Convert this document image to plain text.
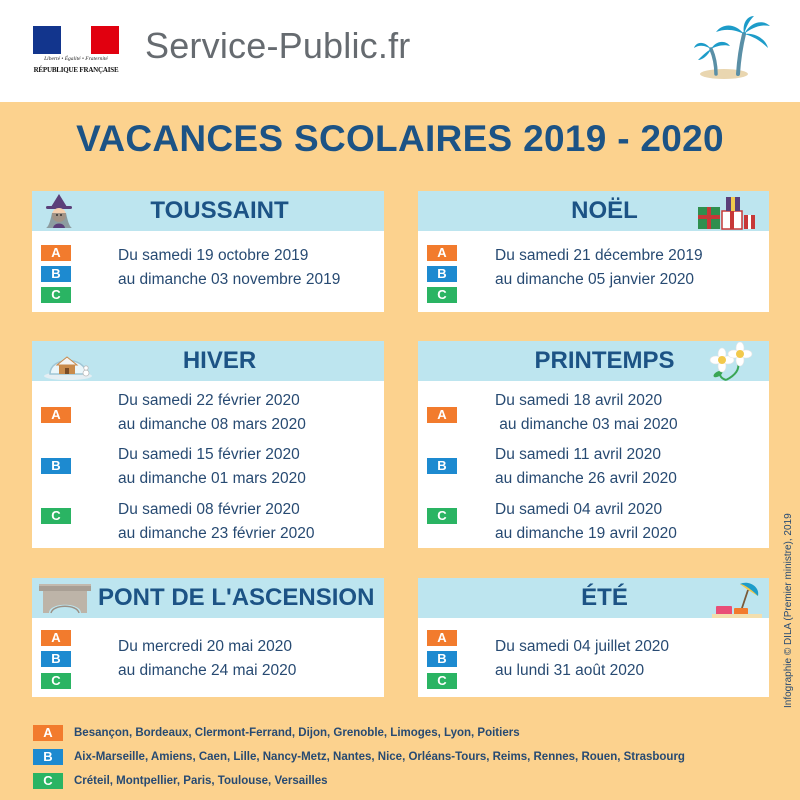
Liberté • Égalité • Fraternité
RÉPUBLIQUE FRANÇAISE
Service-Public.fr
VACANCES SCOLAIRES 2019 - 2020
TOUSSAINT
A
B
C
Du samedi 19 octobre 2019
au dimanche 03 novembre 2019
NOËL
A
B
C
Du samedi 21 décembre 2019
au dimanche 05 janvier 2020
HIVER
A
Du samedi 22 février 2020
au dimanche 08 mars 2020
B
Du samedi 15 février 2020
au dimanche 01 mars 2020
C	Du samedi 08 février 2020
au dimanche 23 février 2020
PRINTEMPS
A
Du samedi 18 avril 2020
au dimanche 03 mai 2020
B
Du samedi 11 avril 2020
au dimanche 26 avril 2020
C	Du samedi 04 avril 2020
au dimanche 19 avril 2020
PONT DE L'ASCENSION
A
B
C
Du mercredi 20 mai 2020
au dimanche 24 mai 2020
ÉTÉ
A
B
C
Du samedi 04 juillet 2020
au lundi 31 août 2020
A	Besançon, Bordeaux, Clermont-Ferrand, Dijon, Grenoble, Limoges, Lyon, Poitiers
B	Aix-Marseille, Amiens, Caen, Lille, Nancy-Metz, Nantes, Nice, Orléans-Tours, Reims, Rennes, Rouen, Strasbourg
C	Créteil, Montpellier, Paris, Toulouse, Versailles
Infographie © DILA (Premier ministre), 2019
